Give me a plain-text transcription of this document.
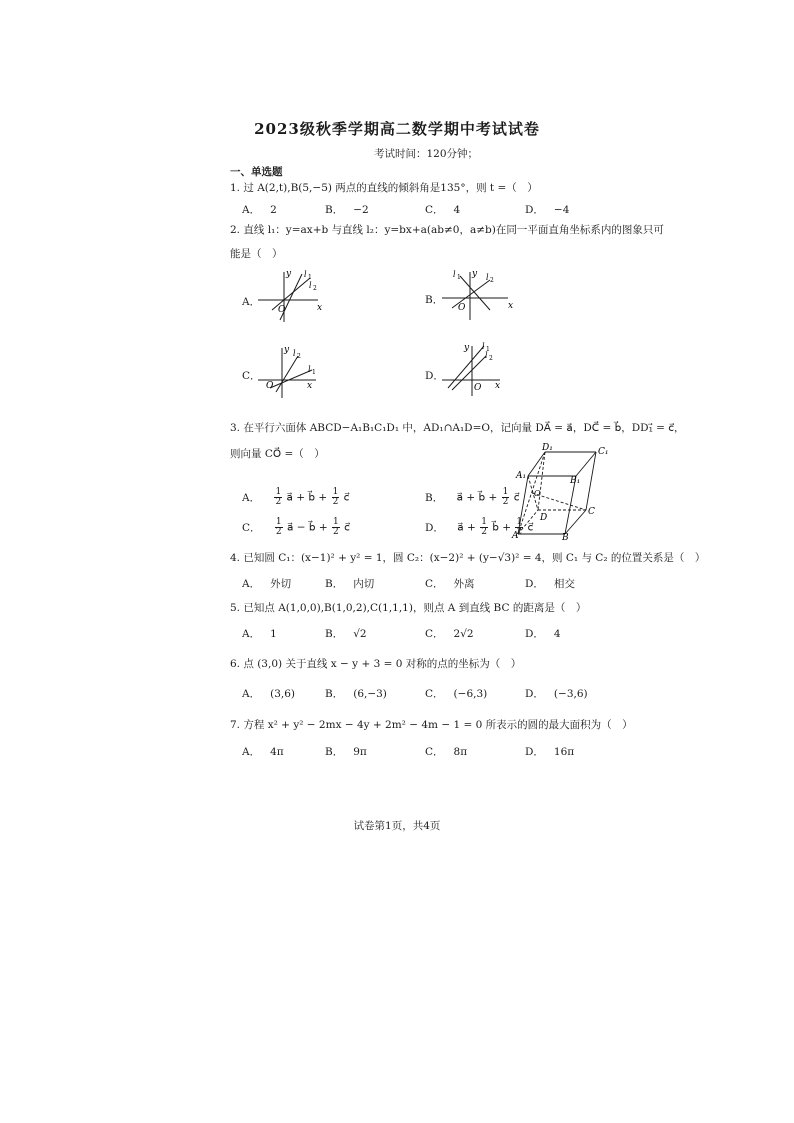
2023级秋季学期高二数学期中考试试卷
考试时间：120分钟；
一、单选题
1. 过 A(2,t),B(5,−5) 两点的直线的倾斜角是135°，则 t =（　）
A． 2	B． −2	C． 4	D． −4
2. 直线 l₁：y=ax+b 与直线 l₂：y=bx+a(ab≠0，a≠b)在同一平面直角坐标系内的图象只可
能是（　）
A．	x
y
O
l 1
l 2
B．	x
y
O
l 1	l 2
C．
x
y
O
l 1
l 2
D．
x
y
O
l 1
l 2
3. 在平行六面体 ABCD−A₁B₁C₁D₁ 中，AD₁∩A₁D=O，记向量 DA⃗ = a⃗，DC⃗ = b⃗，DD₁⃗ = c⃗，
则向量 CO⃗ =（　）	D₁	C₁
A₁	B₁
O
D
C
A	B
A． $\frac{1}{2}$ a⃗ + b⃗ + $\frac{1}{2}$ c⃗	B． a⃗ + b⃗ + $\frac{1}{2}$ c⃗
C． $\frac{1}{2}$ a⃗ − b⃗ + $\frac{1}{2}$ c⃗	D． a⃗ + $\frac{1}{2}$ b⃗ + $\frac{1}{2}$ c⃗
4. 已知圆 C₁：(x−1)² + y² = 1，圆 C₂：(x−2)² + (y−√3)² = 4，则 C₁ 与 C₂ 的位置关系是（　）
A． 外切	B． 内切	C． 外离	D． 相交
5. 已知点 A(1,0,0),B(1,0,2),C(1,1,1)，则点 A 到直线 BC 的距离是（　）
A． 1	B． √2	C． 2√2	D． 4
6. 点 (3,0) 关于直线 x − y + 3 = 0 对称的点的坐标为（　）
A． (3,6)	B． (6,−3)	C． (−6,3)	D． (−3,6)
7. 方程 x² + y² − 2mx − 4y + 2m² − 4m − 1 = 0 所表示的圆的最大面积为（　）
A． 4π	B． 9π	C． 8π	D． 16π
试卷第1页，共4页
